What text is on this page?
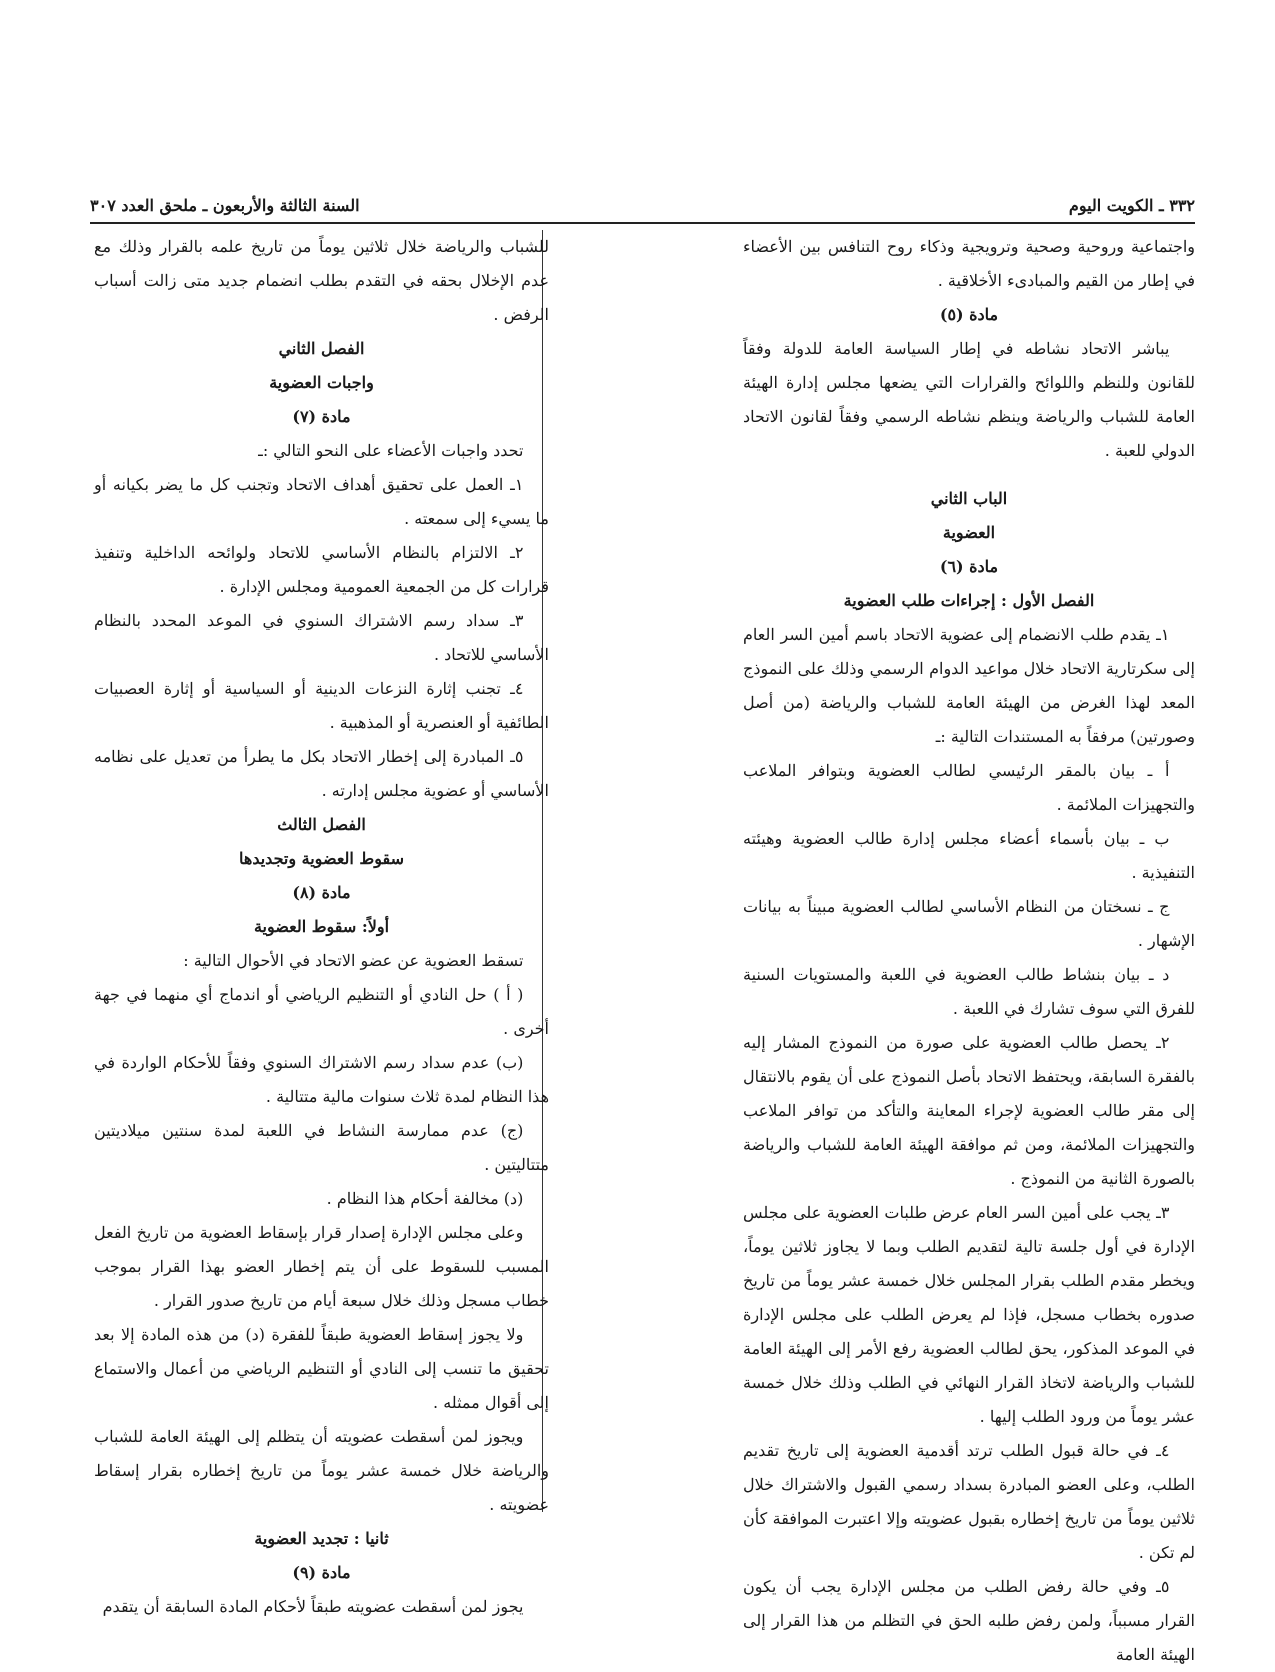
٣٣٢ ـ الكويت اليوم
السنة الثالثة والأربعون ـ ملحق العدد ٣٠٧

واجتماعية وروحية وصحية وترويجية وذكاء روح التنافس بين الأعضاء في إطار من القيم والمبادىء الأخلاقية .

مادة (٥)

يباشر الاتحاد نشاطه في إطار السياسة العامة للدولة وفقاً للقانون وللنظم واللوائح والقرارات التي يضعها مجلس إدارة الهيئة العامة للشباب والرياضة وينظم نشاطه الرسمي وفقاً لقانون الاتحاد الدولي للعبة .

الباب الثاني

العضوية

مادة (٦)

الفصل الأول : إجراءات طلب العضوية

١ـ يقدم طلب الانضمام إلى عضوية الاتحاد باسم أمين السر العام إلى سكرتارية الاتحاد خلال مواعيد الدوام الرسمي وذلك على النموذج المعد لهذا الغرض من الهيئة العامة للشباب والرياضة (من أصل وصورتين) مرفقاً به المستندات التالية :ـ

أ ـ بيان بالمقر الرئيسي لطالب العضوية وبتوافر الملاعب والتجهيزات الملائمة .

ب ـ بيان بأسماء أعضاء مجلس إدارة طالب العضوية وهيئته التنفيذية .

ج ـ نسختان من النظام الأساسي لطالب العضوية مبيناً به بيانات الإشهار .

د ـ بيان بنشاط طالب العضوية في اللعبة والمستويات السنية للفرق التي سوف تشارك في اللعبة .

٢ـ يحصل طالب العضوية على صورة من النموذج المشار إليه بالفقرة السابقة، ويحتفظ الاتحاد بأصل النموذج على أن يقوم بالانتقال إلى مقر طالب العضوية لإجراء المعاينة والتأكد من توافر الملاعب والتجهيزات الملائمة، ومن ثم موافقة الهيئة العامة للشباب والرياضة بالصورة الثانية من النموذج .

٣ـ يجب على أمين السر العام عرض طلبات العضوية على مجلس الإدارة في أول جلسة تالية لتقديم الطلب وبما لا يجاوز ثلاثين يوماً، ويخطر مقدم الطلب بقرار المجلس خلال خمسة عشر يوماً من تاريخ صدوره بخطاب مسجل، فإذا لم يعرض الطلب على مجلس الإدارة في الموعد المذكور، يحق لطالب العضوية رفع الأمر إلى الهيئة العامة للشباب والرياضة لاتخاذ القرار النهائي في الطلب وذلك خلال خمسة عشر يوماً من ورود الطلب إليها .

٤ـ في حالة قبول الطلب ترتد أقدمية العضوية إلى تاريخ تقديم الطلب، وعلى العضو المبادرة بسداد رسمي القبول والاشتراك خلال ثلاثين يوماً من تاريخ إخطاره بقبول عضويته وإلا اعتبرت الموافقة كأن لم تكن .

٥ـ وفي حالة رفض الطلب من مجلس الإدارة يجب أن يكون القرار مسبباً، ولمن رفض طلبه الحق في التظلم من هذا القرار إلى الهيئة العامة

للشباب والرياضة خلال ثلاثين يوماً من تاريخ علمه بالقرار وذلك مع عدم الإخلال بحقه في التقدم بطلب انضمام جديد متى زالت أسباب الرفض .

الفصل الثاني

واجبات العضوية

مادة (٧)

تحدد واجبات الأعضاء على النحو التالي :ـ

١ـ العمل على تحقيق أهداف الاتحاد وتجنب كل ما يضر بكيانه أو ما يسيء إلى سمعته .

٢ـ الالتزام بالنظام الأساسي للاتحاد ولوائحه الداخلية وتنفيذ قرارات كل من الجمعية العمومية ومجلس الإدارة .

٣ـ سداد رسم الاشتراك السنوي في الموعد المحدد بالنظام الأساسي للاتحاد .

٤ـ تجنب إثارة النزعات الدينية أو السياسية أو إثارة العصبيات الطائفية أو العنصرية أو المذهبية .

٥ـ المبادرة إلى إخطار الاتحاد بكل ما يطرأ من تعديل على نظامه الأساسي أو عضوية مجلس إدارته .

الفصل الثالث

سقوط العضوية وتجديدها

مادة (٨)

أولاً: سقوط العضوية

تسقط العضوية عن عضو الاتحاد في الأحوال التالية :

( أ ) حل النادي أو التنظيم الرياضي أو اندماج أي منهما في جهة أخرى .

(ب) عدم سداد رسم الاشتراك السنوي وفقاً للأحكام الواردة في هذا النظام لمدة ثلاث سنوات مالية متتالية .

(ج) عدم ممارسة النشاط في اللعبة لمدة سنتين ميلاديتين متتاليتين .

(د) مخالفة أحكام هذا النظام .

وعلى مجلس الإدارة إصدار قرار بإسقاط العضوية من تاريخ الفعل المسبب للسقوط على أن يتم إخطار العضو بهذا القرار بموجب خطاب مسجل وذلك خلال سبعة أيام من تاريخ صدور القرار .

ولا يجوز إسقاط العضوية طبقاً للفقرة (د) من هذه المادة إلا بعد تحقيق ما تنسب إلى النادي أو التنظيم الرياضي من أعمال والاستماع إلى أقوال ممثله .

ويجوز لمن أسقطت عضويته أن يتظلم إلى الهيئة العامة للشباب والرياضة خلال خمسة عشر يوماً من تاريخ إخطاره بقرار إسقاط عضويته .

ثانيا : تجديد العضوية

مادة (٩)

يجوز لمن أسقطت عضويته طبقاً لأحكام المادة السابقة أن يتقدم
